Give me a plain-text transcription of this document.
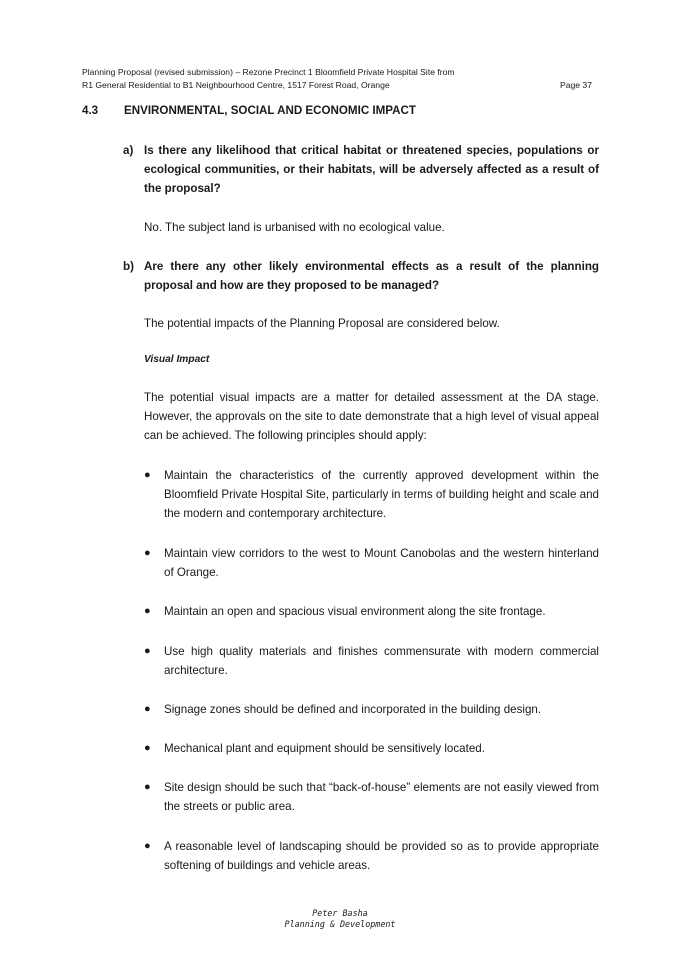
Planning Proposal (revised submission) – Rezone Precinct 1 Bloomfield Private Hospital Site from
R1 General Residential to B1 Neighbourhood Centre, 1517 Forest Road, Orange	Page 37
4.3 ENVIRONMENTAL, SOCIAL AND ECONOMIC IMPACT
a) Is there any likelihood that critical habitat or threatened species, populations or ecological communities, or their habitats, will be adversely affected as a result of the proposal?
No. The subject land is urbanised with no ecological value.
b) Are there any other likely environmental effects as a result of the planning proposal and how are they proposed to be managed?
The potential impacts of the Planning Proposal are considered below.
Visual Impact
The potential visual impacts are a matter for detailed assessment at the DA stage. However, the approvals on the site to date demonstrate that a high level of visual appeal can be achieved. The following principles should apply:
● Maintain the characteristics of the currently approved development within the Bloomfield Private Hospital Site, particularly in terms of building height and scale and the modern and contemporary architecture.
● Maintain view corridors to the west to Mount Canobolas and the western hinterland of Orange.
● Maintain an open and spacious visual environment along the site frontage.
● Use high quality materials and finishes commensurate with modern commercial architecture.
● Signage zones should be defined and incorporated in the building design.
● Mechanical plant and equipment should be sensitively located.
● Site design should be such that “back-of-house” elements are not easily viewed from the streets or public area.
● A reasonable level of landscaping should be provided so as to provide appropriate softening of buildings and vehicle areas.
Peter Basha
Planning & Development
